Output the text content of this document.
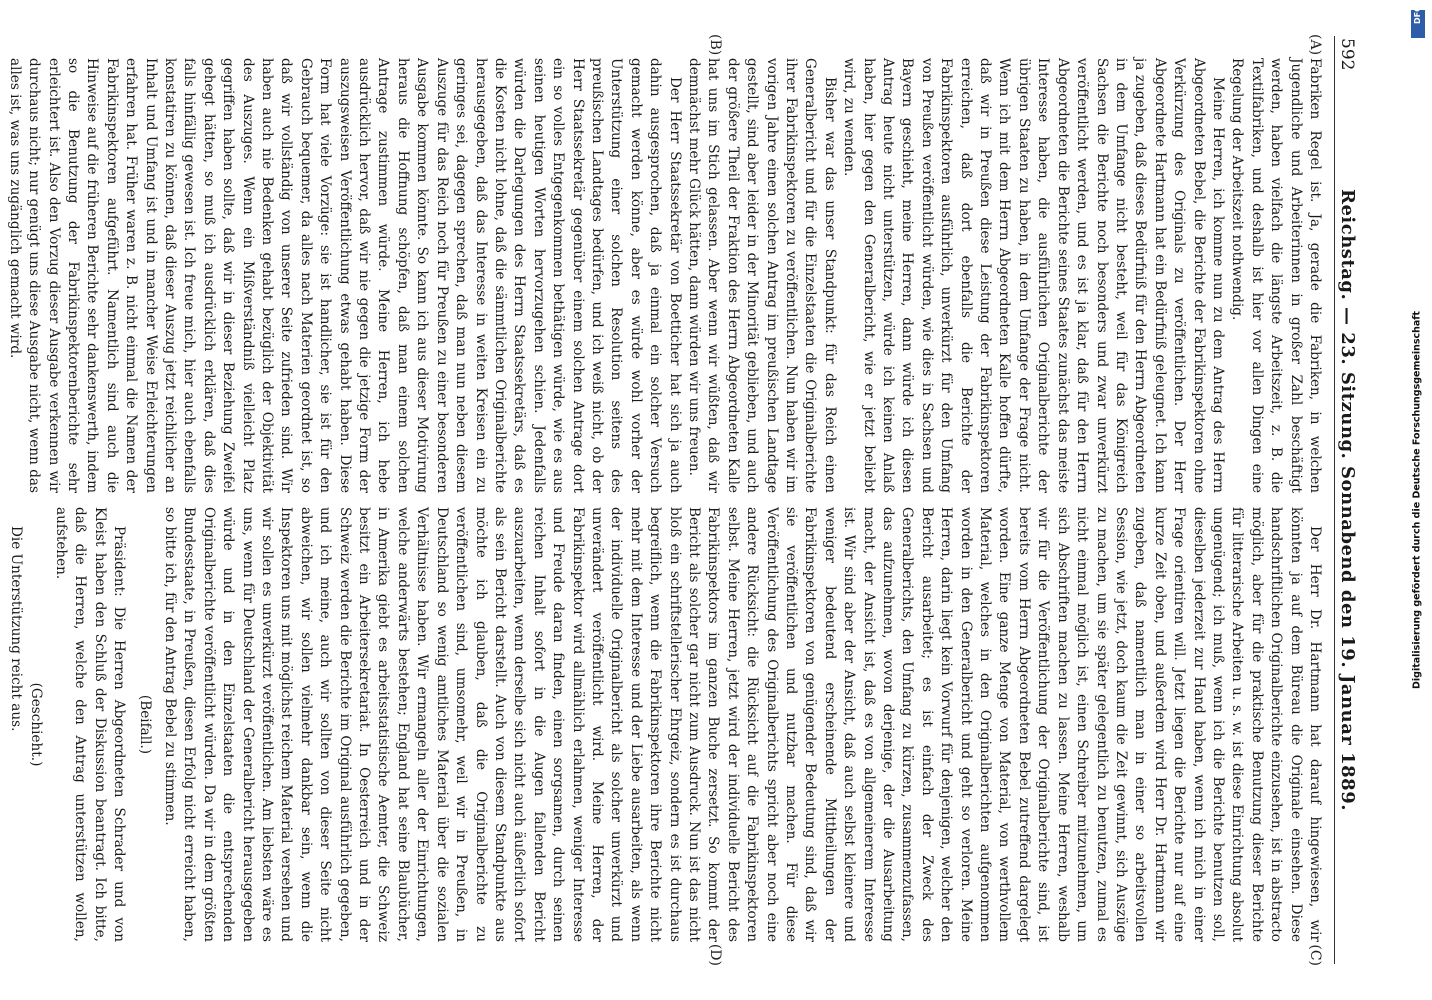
592
Reichstag. — 23. Sitzung. Sonnabend den 19. Januar 1889.
(A)
(B)

Fabriken Regel ist. Ja, gerade die Fabriken, in welchen Jugendliche und Arbeiterinnen in großer Zahl beschäftigt werden, haben vielfach die längste Arbeitszeit, z. B. die Textilfabriken, und deshalb ist hier vor allen Dingen eine Regelung der Arbeitszeit nothwendig.

Meine Herren, ich komme nun zu dem Antrag des Herrn Abgeordneten Bebel, die Berichte der Fabrikinspektoren ohne Verkürzung des Originals zu veröffentlichen. Der Herr Abgeordnete Hartmann hat ein Bedürfniß geleugnet. Ich kann ja zugeben, daß dieses Bedürfniß für den Herrn Abgeordneten in dem Umfange nicht besteht, weil für das Königreich Sachsen die Berichte noch besonders und zwar unverkürzt veröffentlicht werden, und es ist ja klar, daß für den Herrn Abgeordneten die Berichte seines Staates zunächst das meiste Interesse haben, die ausführlichen Originalberichte der übrigen Staaten zu haben, in dem Umfange der Frage nicht. Wenn ich mit dem Herrn Abgeordneten Kalle hoffen dürfte, daß wir in Preußen diese Leistung der Fabrikinspektoren erreichen, daß dort ebenfalls die Berichte der Fabrikinspektoren ausführlich, unverkürzt für den Umfang von Preußen veröffentlicht würden, wie dies in Sachsen und Bayern geschieht, meine Herren, dann würde ich diesen Antrag heute nicht unterstützen, würde ich keinen Anlaß haben, hier gegen den Generalbericht, wie er jetzt beliebt wird, zu wenden.

Bisher war das unser Standpunkt: für das Reich einen Generalbericht und für die Einzelstaaten die Originalberichte ihrer Fabrikinspektoren zu veröffentlichen. Nun haben wir im vorigen Jahre einen solchen Antrag im preußischen Landtage gestellt, sind aber leider in der Minorität geblieben, und auch der größere Theil der Fraktion des Herrn Abgeordneten Kalle hat uns im Stich gelassen. Aber wenn wir wüßten, daß wir demnächst mehr Glück hätten, dann würden wir uns freuen.

Der Herr Staatssekretär von Boetticher hat sich ja auch dahin ausgesprochen, daß ja einmal ein solcher Versuch gemacht werden könne, aber es würde wohl vorher der Unterstützung einer solchen Resolution seitens des preußischen Landtages bedürfen, und ich weiß nicht, ob der Herr Staatssekretär gegenüber einem solchen Antrage dort ein so volles Entgegenkommen bethätigen würde, wie es aus seinen heutigen Worten hervorzugehen schien. Jedenfalls würden die Darlegungen des Herrn Staatssekretärs, daß es die Kosten nicht lohne, daß die sämmtlichen Originalberichte herausgegeben, daß das Interesse in weiten Kreisen ein zu geringes sei, dagegen sprechen, daß man nun neben diesem Auszuge für das Reich noch für Preußen zu einer besonderen Ausgabe kommen könnte. So kann ich aus dieser Motivirung heraus die Hoffnung schöpfen, daß man einem solchen Antrage zustimmen würde. Meine Herren, ich hebe ausdrücklich hervor, daß wir nie gegen die jetzige Form der auszugsweisen Veröffentlichung etwas gehabt haben. Diese Form hat viele Vorzüge: sie ist handlicher, sie ist für den Gebrauch bequemer, da alles nach Materien geordnet ist, so daß wir vollständig von unserer Seite zufrieden sind. Wir haben auch nie Bedenken gehabt bezüglich der Objektivität des Auszuges. Wenn ein Mißverständniß vielleicht Platz gegriffen haben sollte, daß wir in dieser Beziehung Zweifel gehegt hätten, so muß ich ausdrücklich erklären, daß dies falls hinfällig gewesen ist. Ich freue mich, hier auch ebenfalls konstatiren zu können, daß dieser Auszug jetzt reichlicher an Inhalt und Umfang ist und in mancher Weise Erleichterungen erfahren hat. Früher waren z. B. nicht einmal die Namen der Fabrikinspektoren aufgeführt. Namentlich sind auch die Hinweise auf die früheren Berichte sehr dankenswerth, indem so die Benutzung der Fabrikinspektorenberichte sehr erleichtert ist. Also den Vorzug dieser Ausgabe verkennen wir durchaus nicht; nur genügt uns diese Ausgabe nicht, wenn das alles ist, was uns zugänglich gemacht wird.

(C)
(D)

Der Herr Dr. Hartmann hat darauf hingewiesen, wir könnten ja auf dem Büreau die Originale einsehen. Diese handschriftlichen Originalberichte einzusehen, ist in abstracto möglich, aber für die praktische Benutzung dieser Berichte für litterarische Arbeiten u. s. w. ist diese Einrichtung absolut ungenügend; ich muß, wenn ich die Berichte benutzen soll, dieselben jederzeit zur Hand haben, wenn ich mich in einer Frage orientiren will. Jetzt liegen die Berichte nur auf eine kurze Zeit oben, und außerdem wird Herr Dr. Hartmann wir zugeben, daß namentlich man in einer so arbeitsvollen Session, wie jetzt, doch kaum die Zeit gewinnt, sich Auszüge zu machen, um sie später gelegentlich zu benutzen, zumal es nicht einmal möglich ist, einen Schreiber mitzunehmen, um sich Abschriften machen zu lassen. Meine Herren, weshalb wir für die Veröffentlichung der Originalberichte sind, ist bereits vom Herrn Abgeordneten Bebel zutreffend dargelegt worden. Eine ganze Menge von Material, von werthvollem Material, welches in den Originalberichten aufgenommen worden in den Generalbericht und geht so verloren. Meine Herren, darin liegt kein Vorwurf für denjenigen, welcher den Bericht ausarbeitet; es ist einfach der Zweck des Generalberichts, den Umfang zu kürzen, zusammenzufassen, das aufzunehmen, wovon derjenige, der die Ausarbeitung macht, der Ansicht ist, daß es von allgemeinerem Interesse ist. Wir sind aber der Ansicht, daß auch selbst kleinere und weniger bedeutend erscheinende Mittheilungen der Fabrikinspektoren von genügender Bedeutung sind, daß wir sie veröffentlichen und nutzbar machen. Für diese Veröffentlichung des Originalberichts spricht aber noch eine andere Rücksicht: die Rücksicht auf die Fabrikinspektoren selbst. Meine Herren, jetzt wird der individuelle Bericht des Fabrikinspektors im ganzen Buche zersetzt. So kommt der Bericht als solcher gar nicht zum Ausdruck. Nun ist das nicht bloß ein schriftstellerischer Ehrgeiz, sondern es ist durchaus begreiflich, wenn die Fabrikinspektoren ihre Berichte nicht mehr mit dem Interesse und der Liebe ausarbeiten, als wenn der individuelle Originalbericht als solcher unverkürzt und unverändert veröffentlicht wird. Meine Herren, der Fabrikinspektor wird allmählich erlahmen, weniger Interesse und Freude daran finden, einen sorgsamen, durch seinen reichen Inhalt sofort in die Augen fallenden Bericht auszuarbeiten, wenn derselbe sich nicht auch äußerlich sofort als sein Bericht darstellt. Auch von diesem Standpunkte aus möchte ich glauben, daß die Originalberichte zu veröffentlichen sind, umsomehr, weil wir in Preußen, in Deutschland so wenig amtliches Material über die sozialen Verhältnisse haben. Wir ermangeln aller der Einrichtungen, welche anderwärts bestehen; England hat seine Blaubücher, in Amerika giebt es arbeitsstatistische Aemter, die Schweiz besitzt ein Arbeitersekretariat. In Oesterreich und in der Schweiz werden die Berichte im Original ausführlich gegeben, und ich meine, auch wir sollten von dieser Seite nicht abweichen, wir sollen vielmehr dankbar sein, wenn die Inspektoren uns mit möglichst reichem Material versehen und wir sollen es unverkürzt veröffentlichen. Am liebsten wäre es uns, wenn für Deutschland der Generalbericht herausgegeben würde und in den Einzelstaaten die entsprechenden Originalberichte veröffentlicht würden. Da wir in dem größten Bundesstaate, in Preußen, diesen Erfolg nicht erreicht haben, so bitte ich, für den Antrag Bebel zu stimmen.

(Beifall.)

Präsident: Die Herren Abgeordneten Schrader und von Kleist haben den Schluß der Diskussion beantragt. Ich bitte, daß die Herren, welche den Antrag unterstützen wollen, aufstehen.

(Geschieht.)

Die Unterstützung reicht aus.

DFG
Digitalisierung gefördert durch die Deutsche Forschungsgemeinschaft
